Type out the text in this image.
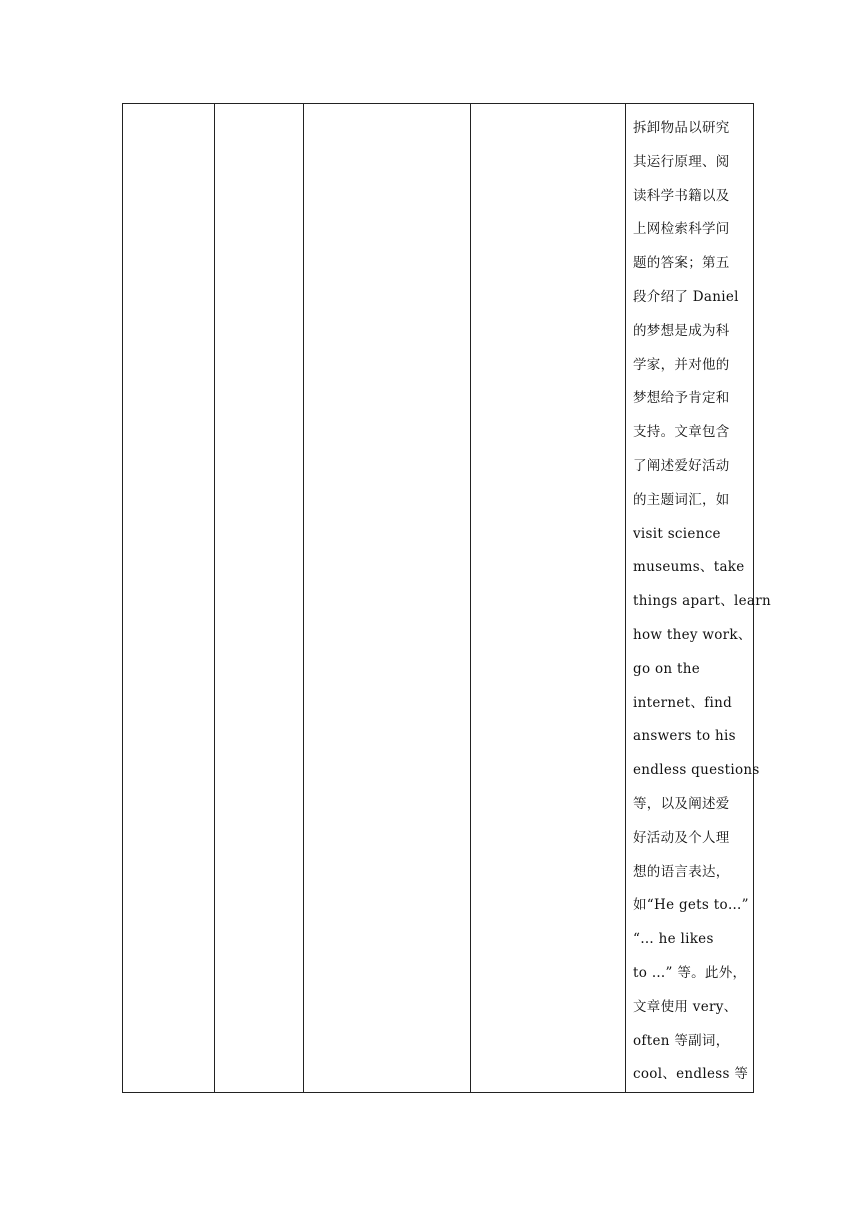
拆卸物品以研究
其运行原理、阅
读科学书籍以及
上网检索科学问
题的答案；第五
段介绍了 Daniel
的梦想是成为科
学家，并对他的
梦想给予肯定和
支持。文章包含
了阐述爱好活动
的主题词汇，如
visit science
museums、take
things apart、learn
how they work、
go on the
internet、find
answers to his
endless questions
等，以及阐述爱
好活动及个人理
想的语言表达，
如“He gets to…”
“… he likes
to …” 等。此外，
文章使用 very、
often 等副词，
cool、endless 等
